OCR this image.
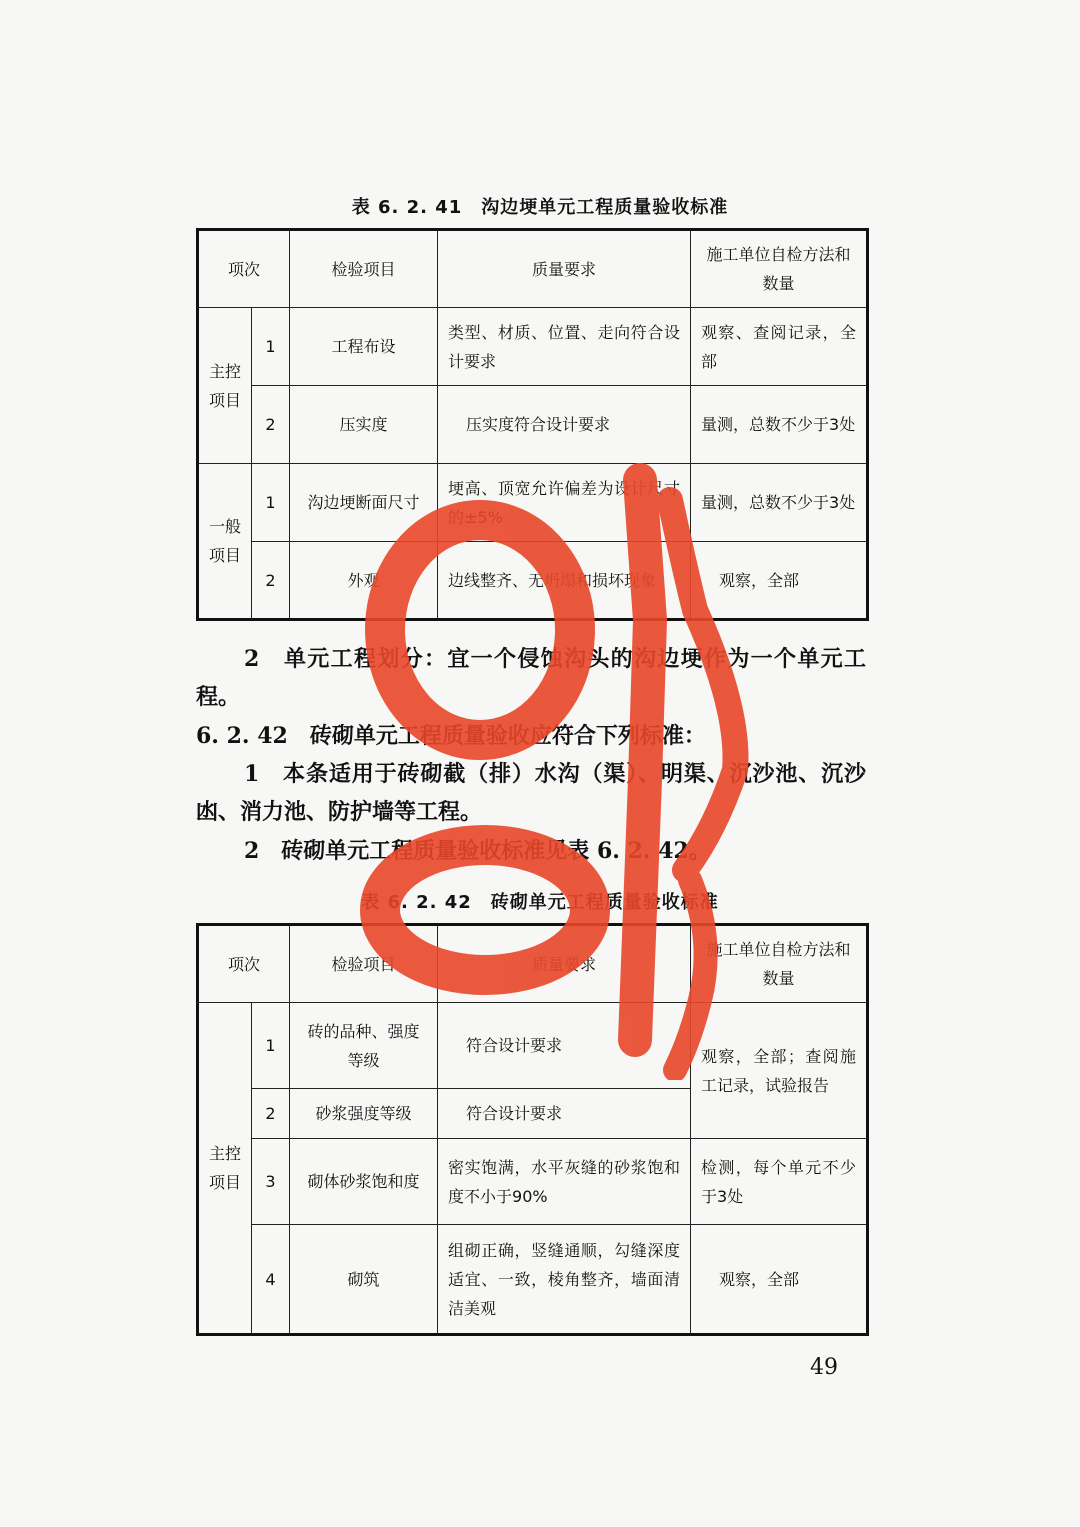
表 6. 2. 41　沟边埂单元工程质量验收标准
项次		检验项目	质量要求	施工单位自检方法和数量
主控项目	1	工程布设	类型、材质、位置、走向符合设计要求	观察、查阅记录，全部
	2	压实度	压实度符合设计要求	量测，总数不少于3处
一般项目	1	沟边埂断面尺寸	埂高、顶宽允许偏差为设计尺寸的±5%	量测，总数不少于3处
	2	外观	边线整齐、无坍塌和损坏现象	观察，全部

2　单元工程划分：宜一个侵蚀沟头的沟边埂作为一个单元工程。

6. 2. 42　砖砌单元工程质量验收应符合下列标准：

1　本条适用于砖砌截（排）水沟（渠）、明渠、沉沙池、沉沙凼、消力池、防护墙等工程。

2　砖砌单元工程质量验收标准见表 6. 2. 42。

表 6. 2. 42　砖砌单元工程质量验收标准
项次		检验项目	质量要求	施工单位自检方法和数量
主控项目	1	砖的品种、强度等级	符合设计要求	观察，全部；查阅施工记录，试验报告
	2	砂浆强度等级	符合设计要求	
	3	砌体砂浆饱和度	密实饱满，水平灰缝的砂浆饱和度不小于90%	检测，每个单元不少于3处
	4	砌筑	组砌正确，竖缝通顺，勾缝深度适宜、一致，棱角整齐，墙面清洁美观	观察，全部
49
